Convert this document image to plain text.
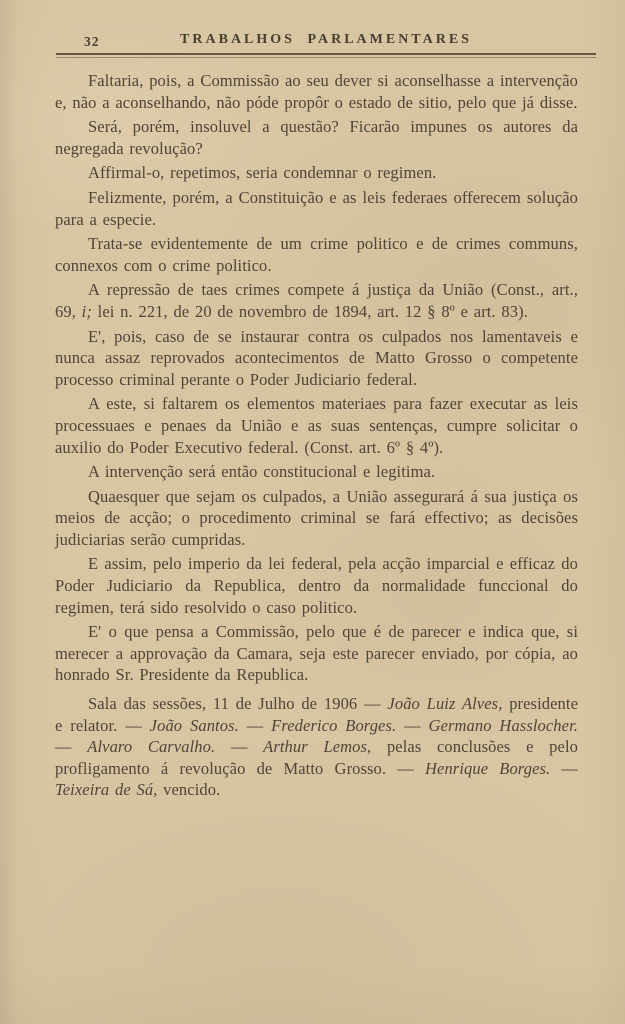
32	TRABALHOS PARLAMENTARES

Faltaria, pois, a Commissão ao seu dever si aconselhasse a intervenção e, não a aconselhando, não póde propôr o estado de sitio, pelo que já disse.

Será, porém, insoluvel a questão? Ficarão impunes os autores da negregada revolução?

Affirmal-o, repetimos, seria condemnar o regimen.

Felizmente, porém, a Constituição e as leis federaes offerecem solução para a especie.

Trata-se evidentemente de um crime politico e de crimes communs, connexos com o crime politico.

A repressão de taes crimes compete á justiça da União (Const., art., 69, i; lei n. 221, de 20 de novembro de 1894, art. 12 § 8º e art. 83).

E', pois, caso de se instaurar contra os culpados nos lamentaveis e nunca assaz reprovados acontecimentos de Matto Grosso o competente processo criminal perante o Poder Judiciario federal.

A este, si faltarem os elementos materiaes para fazer executar as leis processuaes e penaes da União e as suas sentenças, cumpre solicitar o auxilio do Poder Executivo federal. (Const. art. 6º § 4º).

A intervenção será então constitucional e legitima.

Quaesquer que sejam os culpados, a União assegurará á sua justiça os meios de acção; o procedimento criminal se fará effectivo; as decisões judiciarias serão cumpridas.

E assim, pelo imperio da lei federal, pela acção imparcial e efficaz do Poder Judiciario da Republica, dentro da normalidade funccional do regimen, terá sido resolvido o caso politico.

E' o que pensa a Commissão, pelo que é de parecer e indica que, si merecer a approvação da Camara, seja este parecer enviado, por cópia, ao honrado Sr. Presidente da Republica.

Sala das sessões, 11 de Julho de 1906 — João Luiz Alves, presidente e relator. — João Santos. — Frederico Borges. — Germano Hasslocher. — Alvaro Carvalho. — Arthur Lemos, pelas conclusões e pelo profligamento á revolução de Matto Grosso. — Henrique Borges. — Teixeira de Sá, vencido.
